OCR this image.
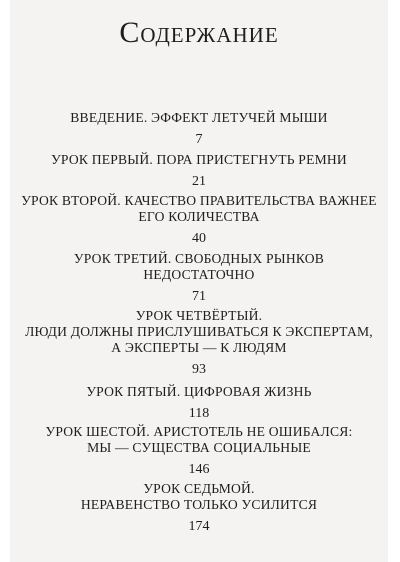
Содержание
ВВЕДЕНИЕ. ЭФФЕКТ ЛЕТУЧЕЙ МЫШИ
7
УРОК ПЕРВЫЙ. ПОРА ПРИСТЕГНУТЬ РЕМНИ
21
УРОК ВТОРОЙ. КАЧЕСТВО ПРАВИТЕЛЬСТВА ВАЖНЕЕ
ЕГО КОЛИЧЕСТВА
40
УРОК ТРЕТИЙ. СВОБОДНЫХ РЫНКОВ
НЕДОСТАТОЧНО
71
УРОК ЧЕТВЁРТЫЙ.
ЛЮДИ ДОЛЖНЫ ПРИСЛУШИВАТЬСЯ К ЭКСПЕРТАМ,
А ЭКСПЕРТЫ — К ЛЮДЯМ
93
УРОК ПЯТЫЙ. ЦИФРОВАЯ ЖИЗНЬ
118
УРОК ШЕСТОЙ. АРИСТОТЕЛЬ НЕ ОШИБАЛСЯ:
МЫ — СУЩЕСТВА СОЦИАЛЬНЫЕ
146
УРОК СЕДЬМОЙ.
НЕРАВЕНСТВО ТОЛЬКО УСИЛИТСЯ
174
